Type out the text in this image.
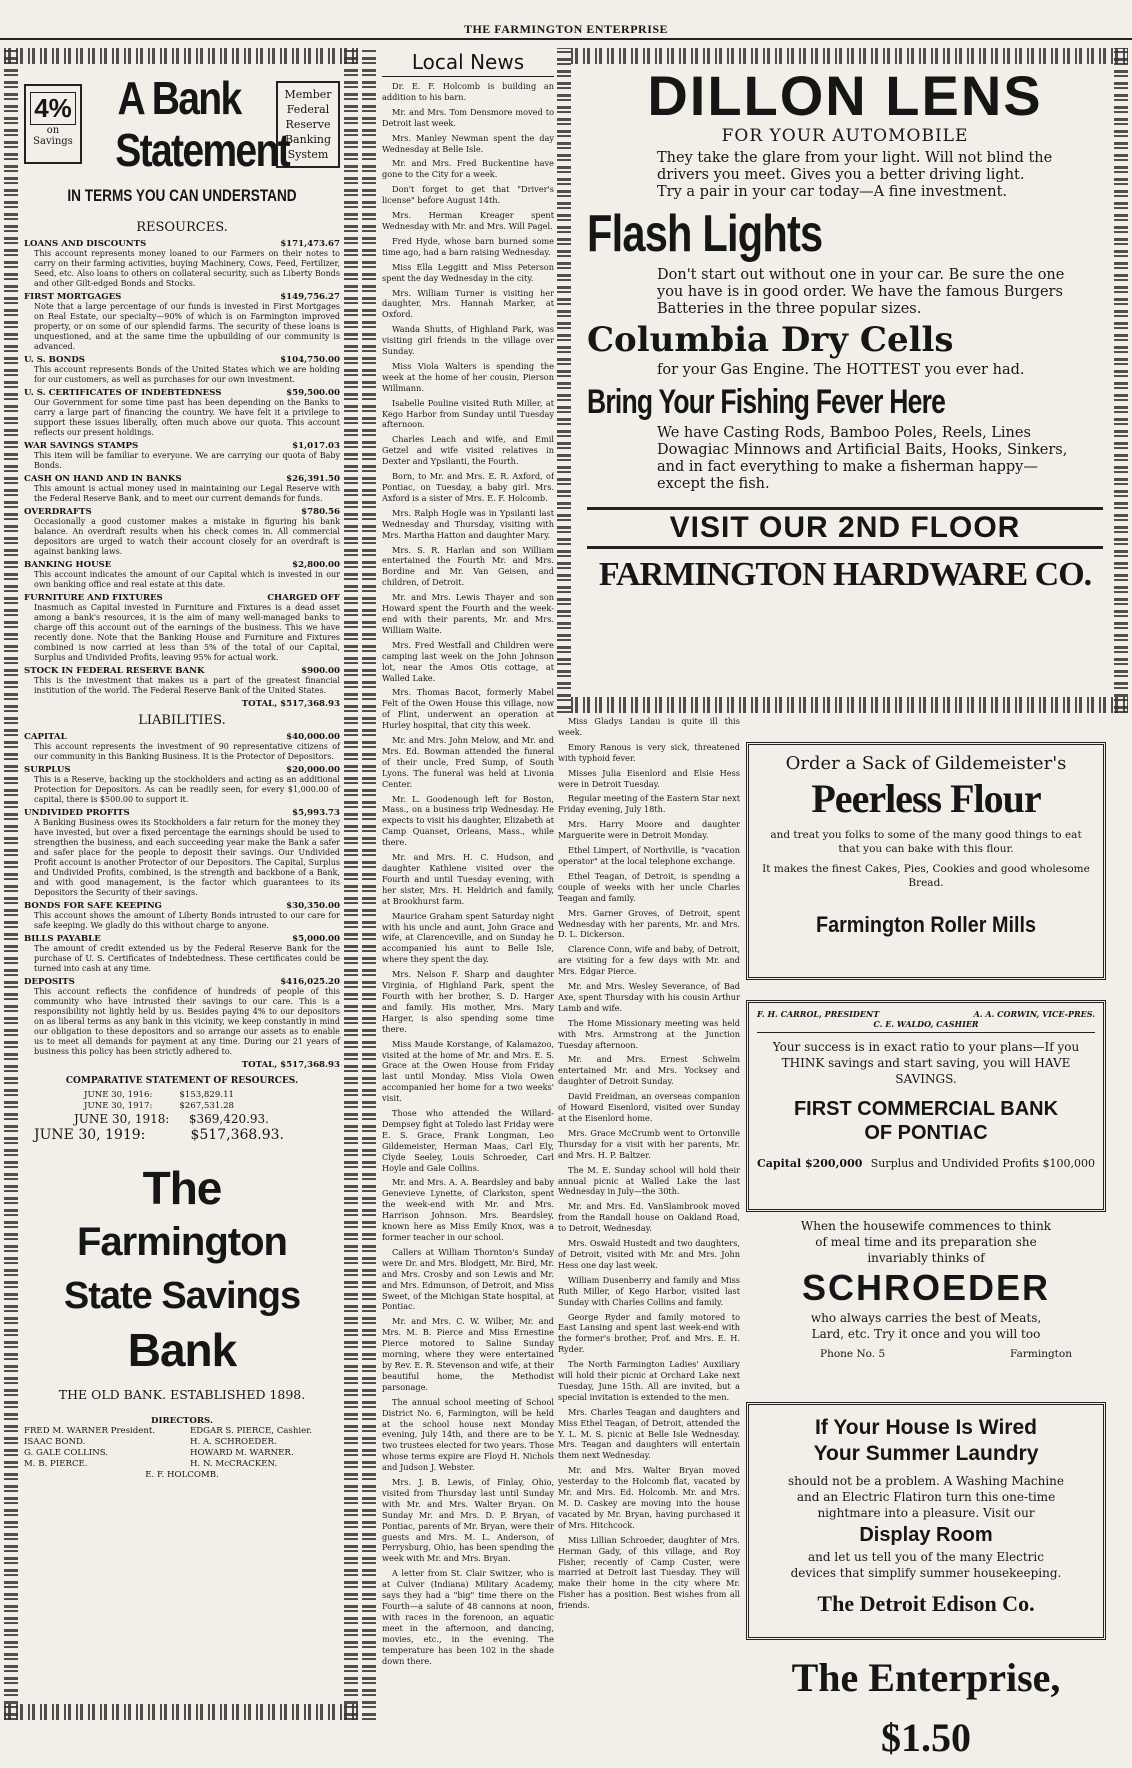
THE FARMINGTON ENTERPRISE
4%
on
Savings
A Bank
Statement
Member
Federal
Reserve
Banking
System
IN TERMS YOU CAN UNDERSTAND
RESOURCES.
LOANS AND DISCOUNTS	$171,473.67
This account represents money loaned to our Farmers on their notes to carry on their farming activities, buying Machinery, Cows, Feed, Fertilizer, Seed, etc. Also loans to others on collateral security, such as Liberty Bonds and other Gilt-edged Bonds and Stocks.
FIRST MORTGAGES	$149,756.27
Note that a large percentage of our funds is invested in First Mortgages on Real Estate, our specialty—90% of which is on Farmington improved property, or on some of our splendid farms. The security of these loans is unquestioned, and at the same time the upbuilding of our community is advanced.
U. S. BONDS	$104,750.00
This account represents Bonds of the United States which we are holding for our customers, as well as purchases for our own investment.
U. S. CERTIFICATES OF INDEBTEDNESS	$59,500.00
Our Government for some time past has been depending on the Banks to carry a large part of financing the country. We have felt it a privilege to support these issues liberally, often much above our quota. This account reflects our present holdings.
WAR SAVINGS STAMPS	$1,017.03
This item will be familiar to everyone. We are carrying our quota of Baby Bonds.
CASH ON HAND AND IN BANKS	$26,391.50
This amount is actual money used in maintaining our Legal Reserve with the Federal Reserve Bank, and to meet our current demands for funds.
OVERDRAFTS	$780.56
Occasionally a good customer makes a mistake in figuring his bank balance. An overdraft results when his check comes in. All commercial depositors are urged to watch their account closely for an overdraft is against banking laws.
BANKING HOUSE	$2,800.00
This account indicates the amount of our Capital which is invested in our own banking office and real estate at this date.
FURNITURE AND FIXTURES	CHARGED OFF
Inasmuch as Capital invested in Furniture and Fixtures is a dead asset among a bank's resources, it is the aim of many well-managed banks to charge off this account out of the earnings of the business. This we have recently done. Note that the Banking House and Furniture and Fixtures combined is now carried at less than 5% of the total of our Capital, Surplus and Undivided Profits, leaving 95% for actual work.
STOCK IN FEDERAL RESERVE BANK	$900.00
This is the investment that makes us a part of the greatest financial institution of the world. The Federal Reserve Bank of the United States.
TOTAL, $517,368.93
LIABILITIES.
CAPITAL	$40,000.00
This account represents the investment of 90 representative citizens of our community in this Banking Business. It is the Protector of Depositors.
SURPLUS	$20,000.00
This is a Reserve, backing up the stockholders and acting as an additional Protection for Depositors. As can be readily seen, for every $1,000.00 of capital, there is $500.00 to support it.
UNDIVIDED PROFITS	$5,993.73
A Banking Business owes its Stockholders a fair return for the money they have invested, but over a fixed percentage the earnings should be used to strengthen the business, and each succeeding year make the Bank a safer and safer place for the people to deposit their savings. Our Undivided Profit account is another Protector of our Depositors. The Capital, Surplus and Undivided Profits, combined, is the strength and backbone of a Bank, and with good management, is the factor which guarantees to its Depositors the Security of their savings.
BONDS FOR SAFE KEEPING	$30,350.00
This account shows the amount of Liberty Bonds intrusted to our care for safe keeping. We gladly do this without charge to anyone.
BILLS PAYABLE	$5,000.00
The amount of credit extended us by the Federal Reserve Bank for the purchase of U. S. Certificates of Indebtedness. These certificates could be turned into cash at any time.
DEPOSITS	$416,025.20
This account reflects the confidence of hundreds of people of this community who have intrusted their savings to our care. This is a responsibility not lightly held by us. Besides paying 4% to our depositors on as liberal terms as any bank in this vicinity, we keep constantly in mind our obligation to these depositors and so arrange our assets as to enable us to meet all demands for payment at any time. During our 21 years of business this policy has been strictly adhered to.
TOTAL, $517,368.93
COMPARATIVE STATEMENT OF RESOURCES.
JUNE 30, 1916:	$153,829.11
JUNE 30, 1917:	$267,531.28
JUNE 30, 1918: $369,420.93.
JUNE 30, 1919:	$517,368.93.
The
Farmington
State Savings
Bank
THE OLD BANK. ESTABLISHED 1898.
DIRECTORS.
FRED M. WARNER President.	EDGAR S. PIERCE, Cashier.
ISAAC BOND.	H. A. SCHROEDER.
G. GALE COLLINS.	HOWARD M. WARNER.
M. B. PIERCE.	H. N. McCRACKEN.
E. F. HOLCOMB.
Local News

Dr. E. F. Holcomb is building an addition to his barn.

Mr. and Mrs. Tom Densmore moved to Detroit last week.

Mrs. Manley Newman spent the day Wednesday at Belle Isle.

Mr. and Mrs. Fred Buckentine have gone to the City for a week.

Don't forget to get that "Driver's license" before August 14th.

Mrs. Herman Kreager spent Wednesday with Mr. and Mrs. Will Pagel.

Fred Hyde, whose barn burned some time ago, had a barn raising Wednesday.

Miss Ella Leggitt and Miss Peterson spent the day Wednesday in the city.

Mrs. William Turner is visiting her daughter, Mrs. Hannah Marker, at Oxford.

Wanda Shutts, of Highland Park, was visiting girl friends in the village over Sunday.

Miss Viola Walters is spending the week at the home of her cousin, Pierson Willmann.

Isabelle Pouline visited Ruth Miller, at Kego Harbor from Sunday until Tuesday afternoon.

Charles Leach and wife, and Emil Getzel and wife visited relatives in Dexter and Ypsilanti, the Fourth.

Born, to Mr. and Mrs. E. R. Axford, of Pontiac, on Tuesday, a baby girl. Mrs. Axford is a sister of Mrs. E. F. Holcomb.

Mrs. Ralph Hogle was in Ypsilanti last Wednesday and Thursday, visiting with Mrs. Martha Hatton and daughter Mary.

Mrs. S. R. Harlan and son William entertained the Fourth Mr. and Mrs. Bordine and Mr. Van Geisen, and children, of Detroit.

Mr. and Mrs. Lewis Thayer and son Howard spent the Fourth and the week-end with their parents, Mr. and Mrs. William Waite.

Mrs. Fred Westfall and Children were camping last week on the John Johnson lot, near the Amos Otis cottage, at Walled Lake.

Mrs. Thomas Bacot, formerly Mabel Felt of the Owen House this village, now of Flint, underwent an operation at Hurley hospital, that city this week.

Mr. and Mrs. John Melow, and Mr. and Mrs. Ed. Bowman attended the funeral of their uncle, Fred Sump, of South Lyons. The funeral was held at Livonia Center.

Mr. L. Goodenough left for Boston, Mass., on a business trip Wednesday. He expects to visit his daughter, Elizabeth at Camp Quanset, Orleans, Mass., while there.

Mr. and Mrs. H. C. Hudson, and daughter Kathlene visited over the Fourth and until Tuesday evening, with her sister, Mrs. H. Heldrich and family, at Brookhurst farm.

Maurice Graham spent Saturday night with his uncle and aunt, John Grace and wife, at Clarenceville, and on Sunday he accompanied his aunt to Belle Isle, where they spent the day.

Mrs. Nelson F. Sharp and daughter Virginia, of Highland Park, spent the Fourth with her brother, S. D. Harger and family. His mother, Mrs. Mary Harger, is also spending some time there.

Miss Maude Korstange, of Kalamazoo, visited at the home of Mr. and Mrs. E. S. Grace at the Owen House from Friday last until Monday. Miss Viola Owen accompanied her home for a two weeks' visit.

Those who attended the Willard-Dempsey fight at Toledo last Friday were E. S. Grace, Frank Longman, Leo Gildemeister, Herman Maas, Carl Ely, Clyde Seeley, Louis Schroeder, Carl Hoyle and Gale Collins.

Mr. and Mrs. A. A. Beardsley and baby Genevieve Lynette, of Clarkston, spent the week-end with Mr. and Mrs. Harrison Johnson. Mrs. Beardsley, known here as Miss Emily Knox, was a former teacher in our school.

Callers at William Thornton's Sunday were Dr. and Mrs. Blodgett, Mr. Bird, Mr. and Mrs. Crosby and son Lewis and Mr. and Mrs. Edmunson, of Detroit, and Miss Sweet, of the Michigan State hospital, at Pontiac.

Mr. and Mrs. C. W. Wilber, Mr. and Mrs. M. B. Pierce and Miss Ernestine Pierce motored to Saline Sunday morning, where they were entertained by Rev. E. R. Stevenson and wife, at their beautiful home, the Methodist parsonage.

The annual school meeting of School District No. 6, Farmington, will be held at the school house next Monday evening, July 14th, and there are to be two trustees elected for two years. Those whose terms expire are Floyd H. Nichols and Judson J. Webster.

Mrs. J. B. Lewis, of Finlay, Ohio, visited from Thursday last until Sunday with Mr. and Mrs. Walter Bryan. On Sunday Mr. and Mrs. D. P. Bryan, of Pontiac, parents of Mr. Bryan, were their guests and Mrs. M. L. Anderson, of Perrysburg, Ohio, has been spending the week with Mr. and Mrs. Bryan.

A letter from St. Clair Switzer, who is at Culver (Indiana) Military Academy, says they had a "big" time there on the Fourth—a salute of 48 cannons at noon, with races in the forenoon, an aquatic meet in the afternoon, and dancing, movies, etc., in the evening. The temperature has been 102 in the shade down there.

DILLON LENS
FOR YOUR AUTOMOBILE
They take the glare from your light. Will not blind the drivers you meet. Gives you a better driving light.
Try a pair in your car today—A fine investment.
Flash Lights
Don't start out without one in your car. Be sure the one you have is in good order. We have the famous Burgers Batteries in the three popular sizes.
Columbia Dry Cells
for your Gas Engine. The HOTTEST you ever had.
Bring Your Fishing Fever Here
We have Casting Rods, Bamboo Poles, Reels, Lines Dowagiac Minnows and Artificial Baits, Hooks, Sinkers, and in fact everything to make a fisherman happy—except the fish.
VISIT OUR 2ND FLOOR
FARMINGTON HARDWARE CO.

Miss Gladys Landau is quite ill this week.

Emory Ranous is very sick, threatened with typhoid fever.

Misses Julia Eisenlord and Elsie Hess were in Detroit Tuesday.

Regular meeting of the Eastern Star next Friday evening, July 18th.

Mrs. Harry Moore and daughter Marguerite were in Detroit Monday.

Ethel Limpert, of Northville, is "vacation operator" at the local telephone exchange.

Ethel Teagan, of Detroit, is spending a couple of weeks with her uncle Charles Teagan and family.

Mrs. Garner Groves, of Detroit, spent Wednesday with her parents, Mr. and Mrs. D. L. Dickerson.

Clarence Conn, wife and baby, of Detroit, are visiting for a few days with Mr. and Mrs. Edgar Pierce.

Mr. and Mrs. Wesley Severance, of Bad Axe, spent Thursday with his cousin Arthur Lamb and wife.

The Home Missionary meeting was held with Mrs. Armstrong at the Junction Tuesday afternoon.

Mr. and Mrs. Ernest Schwelm entertained Mr. and Mrs. Yocksey and daughter of Detroit Sunday.

David Freidman, an overseas companion of Howard Eisenlord, visited over Sunday at the Eisenlord home.

Mrs. Grace McCrumb went to Ortonville Thursday for a visit with her parents, Mr. and Mrs. H. P. Baltzer.

The M. E. Sunday school will hold their annual picnic at Walled Lake the last Wednesday in July—the 30th.

Mr. and Mrs. Ed. VanSlambrook moved from the Randall house on Oakland Road, to Detroit, Wednesday.

Mrs. Oswald Hustedt and two daughters, of Detroit, visited with Mr. and Mrs. John Hess one day last week.

William Dusenberry and family and Miss Ruth Miller, of Kego Harbor, visited last Sunday with Charles Collins and family.

George Ryder and family motored to East Lansing and spent last week-end with the former's brother, Prof. and Mrs. E. H. Ryder.

The North Farmington Ladies' Auxiliary will hold their picnic at Orchard Lake next Tuesday, June 15th. All are invited, but a special invitation is extended to the men.

Mrs. Charles Teagan and daughters and Miss Ethel Teagan, of Detroit, attended the Y. L. M. S. picnic at Belle Isle Wednesday. Mrs. Teagan and daughters will entertain them next Wednesday.

Mr. and Mrs. Walter Bryan moved yesterday to the Holcomb flat, vacated by Mr. and Mrs. Ed. Holcomb. Mr. and Mrs. M. D. Caskey are moving into the house vacated by Mr. Bryan, having purchased it of Mrs. Hitchcock.

Miss Lillian Schroeder, daughter of Mrs. Herman Gady, of this village, and Roy Fisher, recently of Camp Custer, were married at Detroit last Tuesday. They will make their home in the city where Mr. Fisher has a position. Best wishes from all friends.

Order a Sack of Gildemeister's
Peerless Flour
and treat you folks to some of the many good things to eat that you can bake with this flour.
It makes the finest Cakes, Pies, Cookies and good wholesome Bread.
Farmington Roller Mills
F. H. CARROL, PRESIDENT	A. A. CORWIN, VICE-PRES.
C. E. WALDO, CASHIER
Your success is in exact ratio to your plans—If you THINK savings and start saving, you will HAVE SAVINGS.
FIRST COMMERCIAL BANK
OF PONTIAC
Capital $200,000 Surplus and Undivided Profits $100,000
When the housewife commences to think of meal time and its preparation she invariably thinks of
SCHROEDER
who always carries the best of Meats, Lard, etc. Try it once and you will too
Phone No. 5	Farmington
If Your House Is Wired
Your Summer Laundry
should not be a problem. A Washing Machine and an Electric Flatiron turn this one-time nightmare into a pleasure. Visit our
Display Room
and let us tell you of the many Electric devices that simplify summer housekeeping.
The Detroit Edison Co.
The Enterprise, $1.50
